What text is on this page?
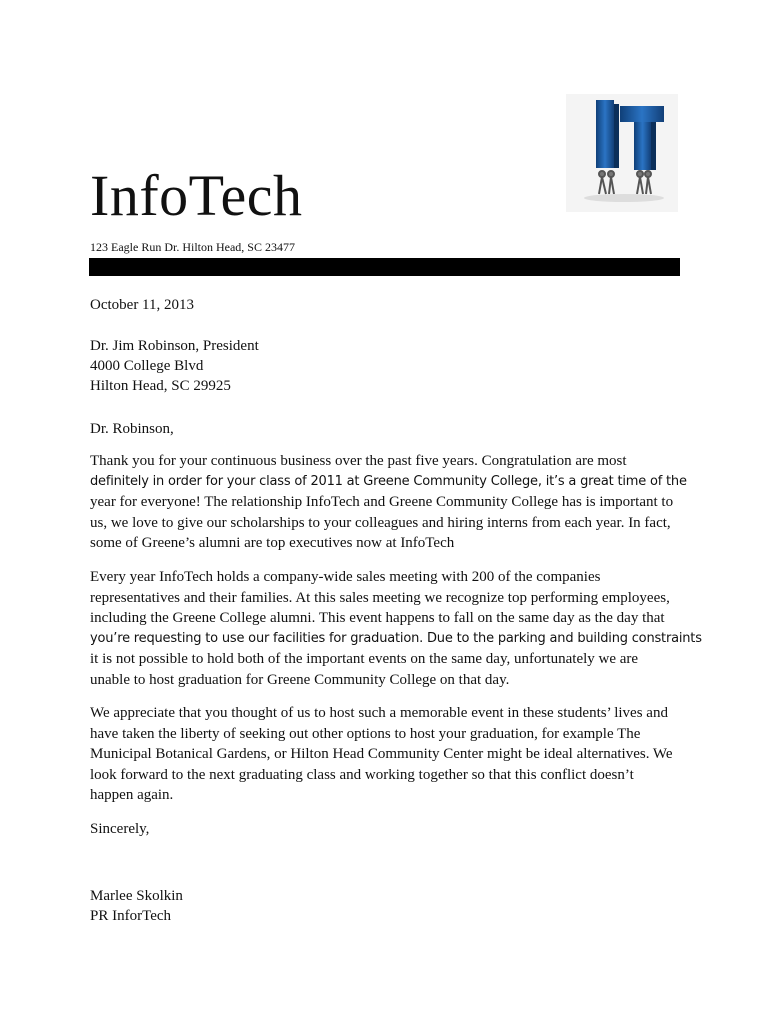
InfoTech
123 Eagle Run Dr. Hilton Head, SC 23477
October 11, 2013
Dr. Jim Robinson, President
4000 College Blvd
Hilton Head, SC 29925
Dr. Robinson,
Thank you for your continuous business over the past five years. Congratulation are most
definitely in order for your class of 2011 at Greene Community College, it’s a great time of the
year for everyone! The relationship InfoTech and Greene Community College has is important to
us, we love to give our scholarships to your colleagues and hiring interns from each year. In fact,
some of Greene’s alumni are top executives now at InfoTech
Every year InfoTech holds a company-wide sales meeting with 200 of the companies
representatives and their families. At this sales meeting we recognize top performing employees,
including the Greene College alumni. This event happens to fall on the same day as the day that
you’re requesting to use our facilities for graduation. Due to the parking and building constraints
it is not possible to hold both of the important events on the same day, unfortunately we are
unable to host graduation for Greene Community College on that day.
We appreciate that you thought of us to host such a memorable event in these students’ lives and
have taken the liberty of seeking out other options to host your graduation, for example The
Municipal Botanical Gardens, or Hilton Head Community Center might be ideal alternatives. We
look forward to the next graduating class and working together so that this conflict doesn’t
happen again.
Sincerely,
Marlee Skolkin
PR InforTech
